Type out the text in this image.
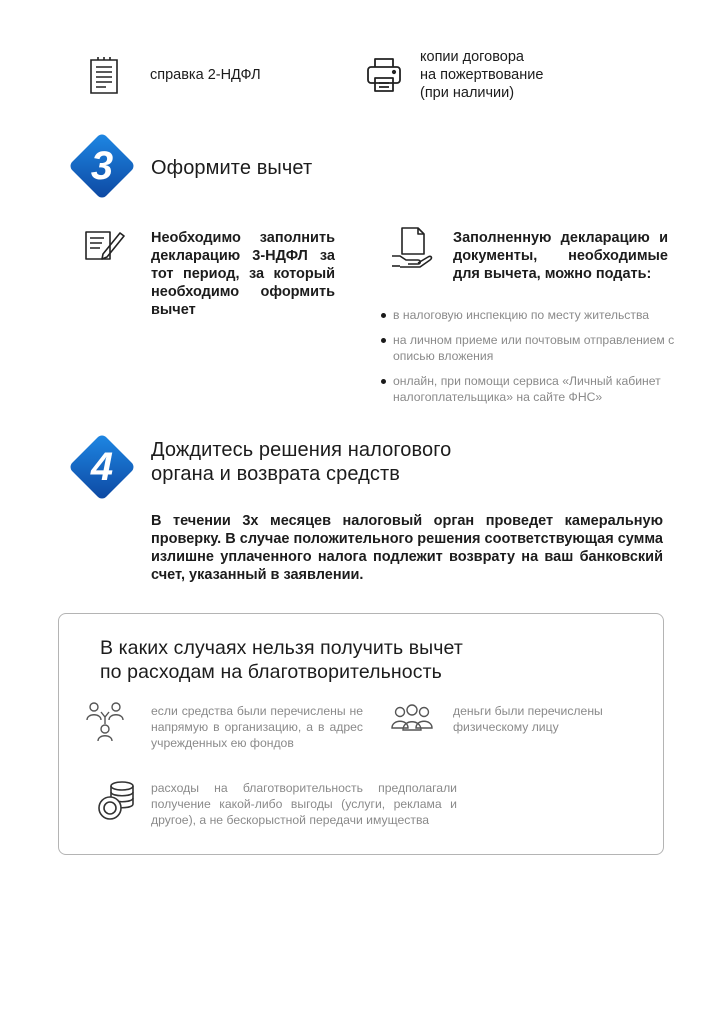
справка 2-НДФЛ
копии договора
на пожертвование
(при наличии)
3	Оформите вычет
Необходимо заполнить декларацию 3-НДФЛ за тот период, за который необходимо оформить вычет
Заполненную декларацию и документы, необходимые для вычета, можно подать:
в налоговую инспекцию по месту жительства
на личном приеме или почтовым отправлением с описью вложения
онлайн, при помощи сервиса «Личный кабинет налогоплательщика» на сайте ФНС»
4	Дождитесь решения налогового
органа и возврата средств
В течении 3х месяцев налоговый орган проведет камеральную проверку. В случае положительного решения соответствующая сумма излишне уплаченного налога подлежит возврату на ваш банковский счет, указанный в заявлении.
В каких случаях нельзя получить вычет
по расходам на благотворительность
если средства были перечислены не напрямую в организацию, а в адрес учрежденных ею фондов
деньги были перечислены физическому лицу
расходы на благотворительность предполагали получение какой-либо выгоды (услуги, реклама и другое), а не бескорыстной передачи имущества
